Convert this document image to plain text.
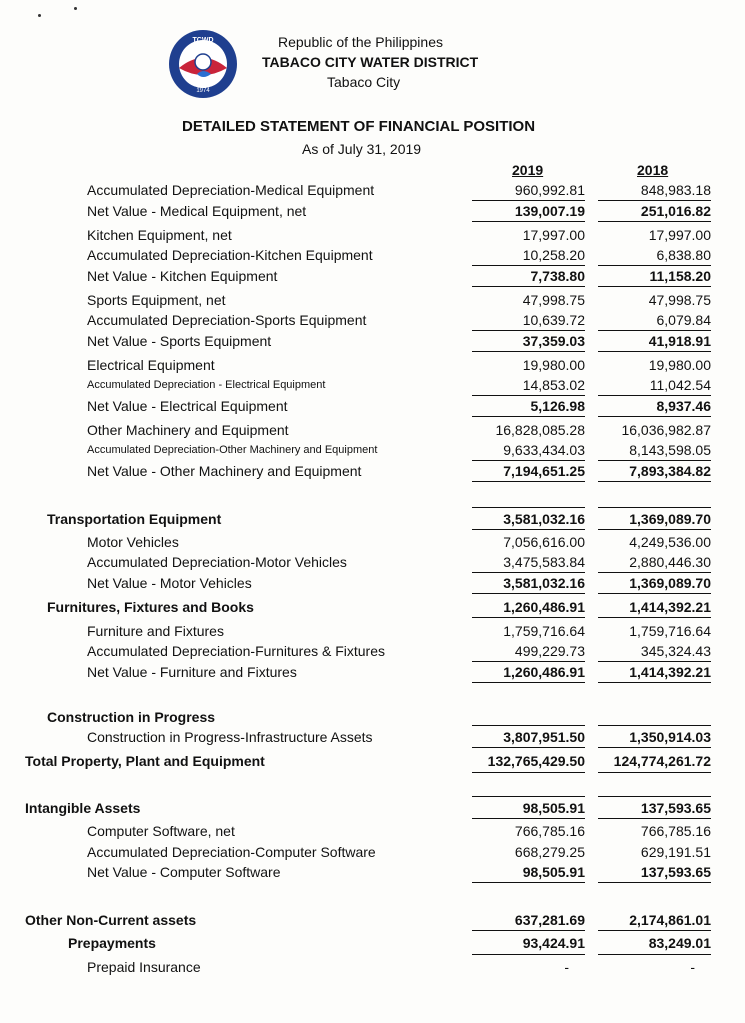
TCWD
1974
Republic of the Philippines
TABACO CITY WATER DISTRICT
Tabaco City
DETAILED STATEMENT OF FINANCIAL POSITION
As of July 31, 2019
2019	2018
Accumulated Depreciation-Medical Equipment	960,992.81	848,983.18
Net Value - Medical Equipment, net	139,007.19	251,016.82
Kitchen Equipment, net	17,997.00	17,997.00
Accumulated Depreciation-Kitchen Equipment	10,258.20	6,838.80
Net Value - Kitchen Equipment	7,738.80	11,158.20
Sports Equipment, net	47,998.75	47,998.75
Accumulated Depreciation-Sports Equipment	10,639.72	6,079.84
Net Value - Sports Equipment	37,359.03	41,918.91
Electrical Equipment	19,980.00	19,980.00
Accumulated Depreciation - Electrical Equipment	14,853.02	11,042.54
Net Value - Electrical Equipment	5,126.98	8,937.46
Other Machinery and Equipment	16,828,085.28	16,036,982.87
Accumulated Depreciation-Other Machinery and Equipment	9,633,434.03	8,143,598.05
Net Value - Other Machinery and Equipment	7,194,651.25	7,893,384.82
Transportation Equipment	3,581,032.16	1,369,089.70
Motor Vehicles	7,056,616.00	4,249,536.00
Accumulated Depreciation-Motor Vehicles	3,475,583.84	2,880,446.30
Net Value - Motor Vehicles	3,581,032.16	1,369,089.70
Furnitures, Fixtures and Books	1,260,486.91	1,414,392.21
Furniture and Fixtures	1,759,716.64	1,759,716.64
Accumulated Depreciation-Furnitures & Fixtures	499,229.73	345,324.43
Net Value - Furniture and Fixtures	1,260,486.91	1,414,392.21
Construction in Progress
Construction in Progress-Infrastructure Assets	3,807,951.50	1,350,914.03
Total Property, Plant and Equipment	132,765,429.50	124,774,261.72
Intangible Assets	98,505.91	137,593.65
Computer Software, net	766,785.16	766,785.16
Accumulated Depreciation-Computer Software	668,279.25	629,191.51
Net Value - Computer Software	98,505.91	137,593.65
Other Non-Current assets	637,281.69	2,174,861.01
Prepayments	93,424.91	83,249.01
Prepaid Insurance	-	-
